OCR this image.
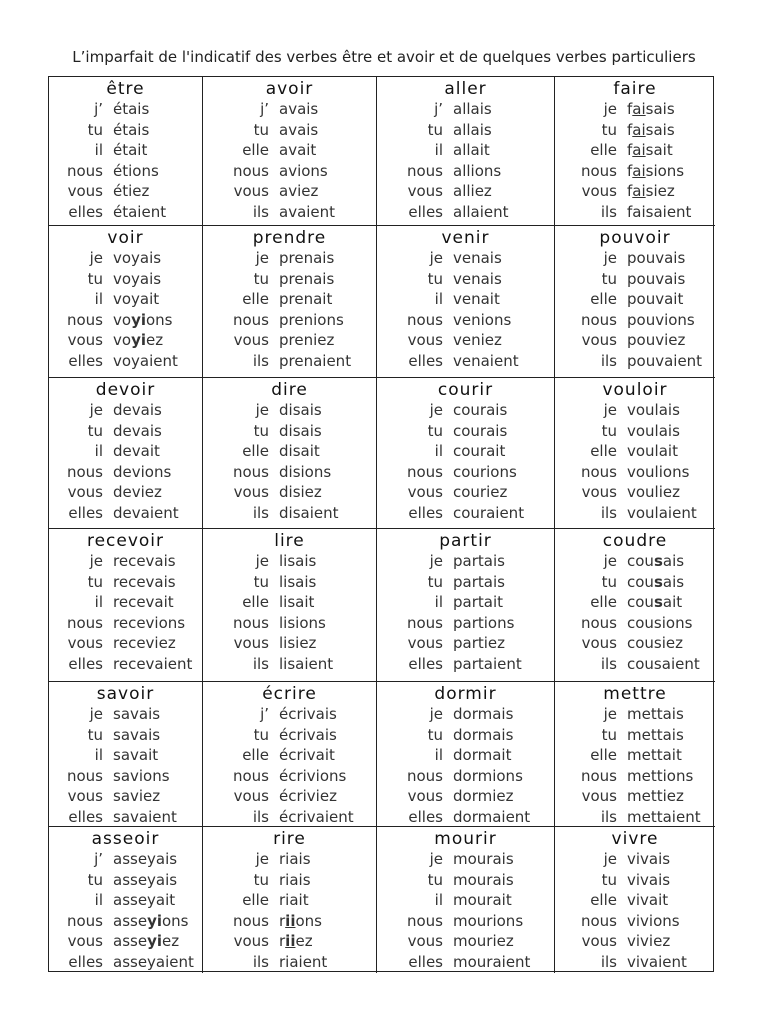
L’imparfait de l'indicatif des verbes être et avoir et de quelques verbes particuliers
être
j’ étais
tu étais
il était
nous étions
vous étiez
elles étaient
avoir
j’ avais
tu avais
elle avait
nous avions
vous aviez
ils avaient
aller
j’ allais
tu allais
il allait
nous allions
vous alliez
elles allaient
faire
je faisais
tu faisais
elle faisait
nous faisions
vous faisiez
ils faisaient
voir
je voyais
tu voyais
il voyait
nous voyions
vous voyiez
elles voyaient
prendre
je prenais
tu prenais
elle prenait
nous prenions
vous preniez
ils prenaient
venir
je venais
tu venais
il venait
nous venions
vous veniez
elles venaient
pouvoir
je pouvais
tu pouvais
elle pouvait
nous pouvions
vous pouviez
ils pouvaient
devoir
je devais
tu devais
il devait
nous devions
vous deviez
elles devaient
dire
je disais
tu disais
elle disait
nous disions
vous disiez
ils disaient
courir
je courais
tu courais
il courait
nous courions
vous couriez
elles couraient
vouloir
je voulais
tu voulais
elle voulait
nous voulions
vous vouliez
ils voulaient
recevoir
je recevais
tu recevais
il recevait
nous recevions
vous receviez
elles recevaient
lire
je lisais
tu lisais
elle lisait
nous lisions
vous lisiez
ils lisaient
partir
je partais
tu partais
il partait
nous partions
vous partiez
elles partaient
coudre
je cousais
tu cousais
elle cousait
nous cousions
vous cousiez
ils cousaient
savoir
je savais
tu savais
il savait
nous savions
vous saviez
elles savaient
écrire
j’ écrivais
tu écrivais
elle écrivait
nous écrivions
vous écriviez
ils écrivaient
dormir
je dormais
tu dormais
il dormait
nous dormions
vous dormiez
elles dormaient
mettre
je mettais
tu mettais
elle mettait
nous mettions
vous mettiez
ils mettaient
asseoir
j’ asseyais
tu asseyais
il asseyait
nous asseyions
vous asseyiez
elles asseyaient
rire
je riais
tu riais
elle riait
nous riions
vous riiez
ils riaient
mourir
je mourais
tu mourais
il mourait
nous mourions
vous mouriez
elles mouraient
vivre
je vivais
tu vivais
elle vivait
nous vivions
vous viviez
ils vivaient
